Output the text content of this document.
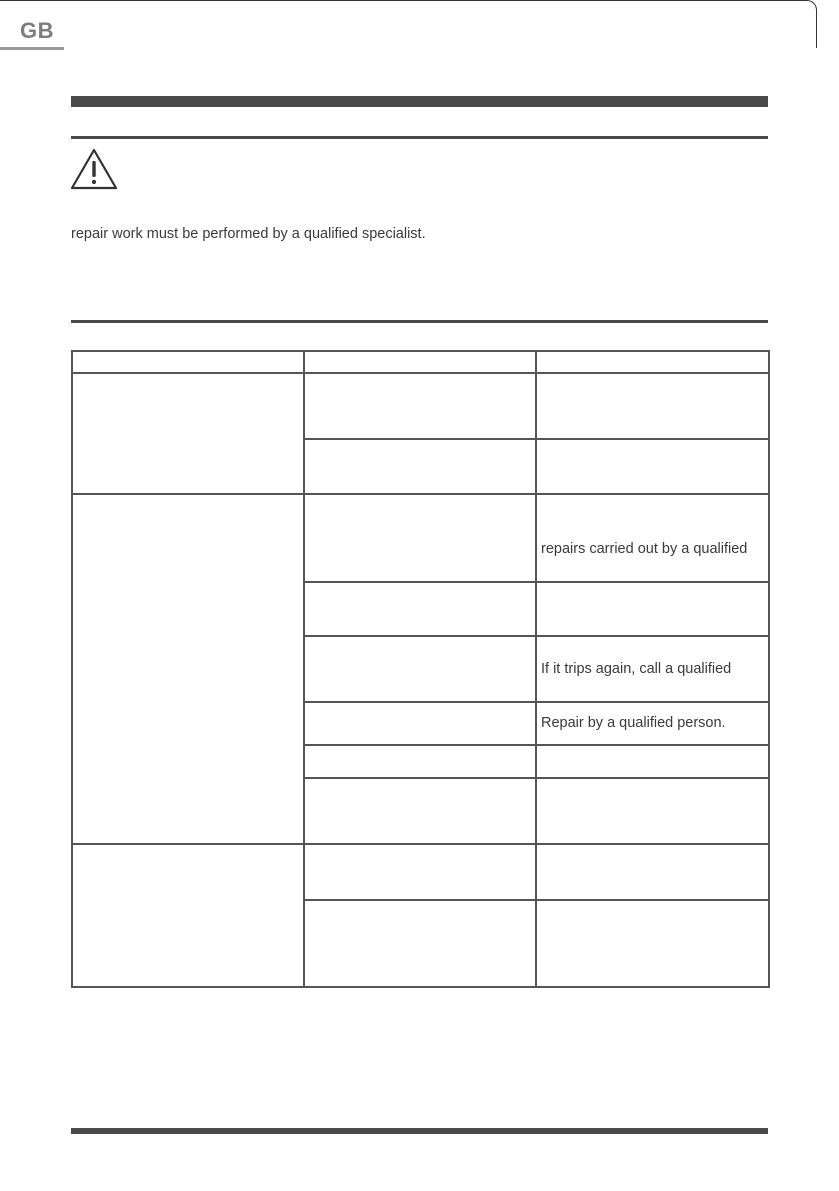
GB
repair work must be performed by a qualified specialist.

		repairs carried out by a qualified

		If it trips again, call a qualified
		Repair by a qualified person.
